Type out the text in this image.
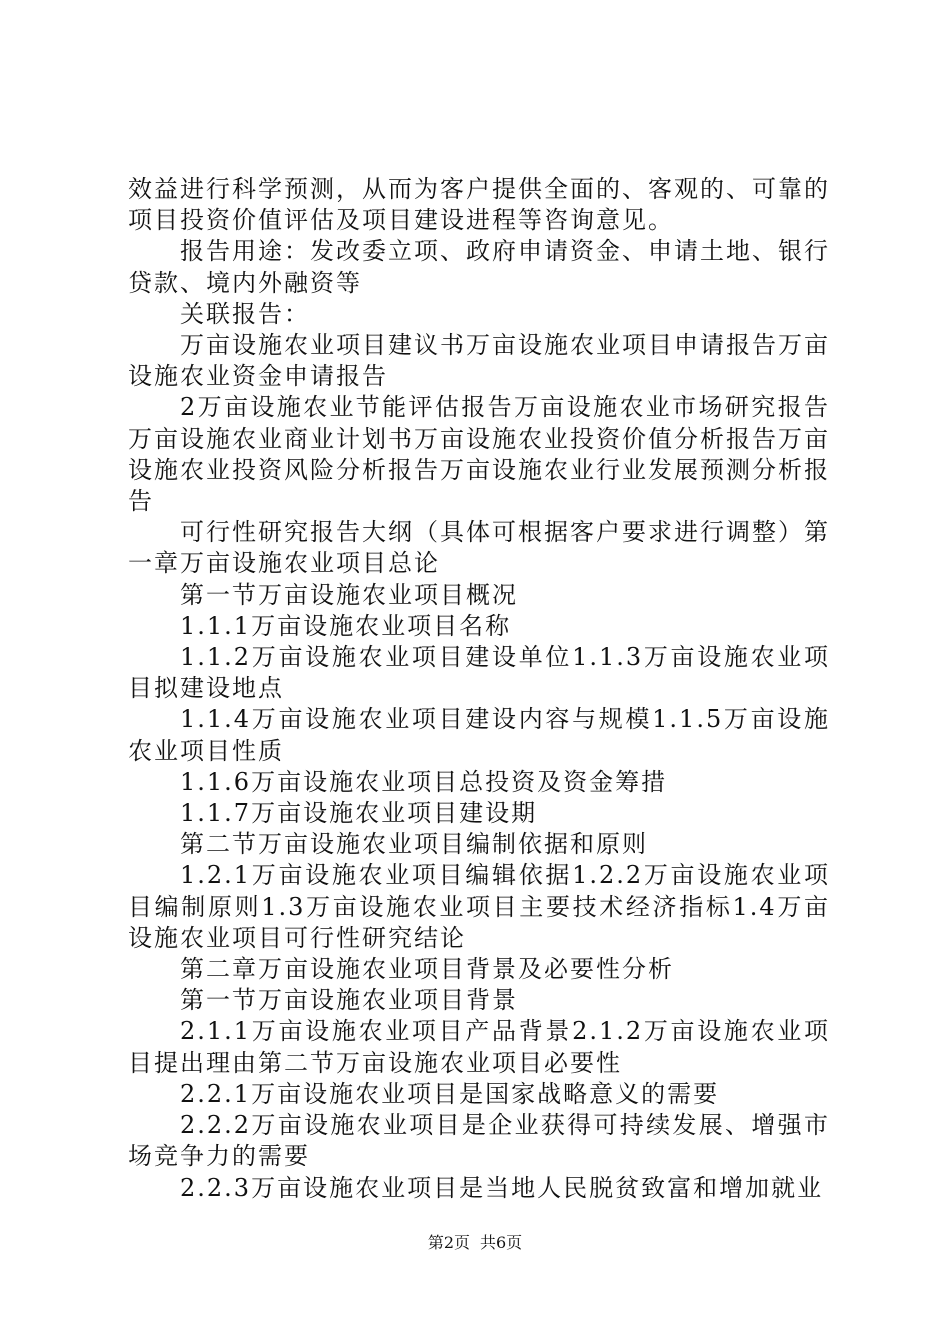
效益进行科学预测，从而为客户提供全面的、客观的、可靠的项目投资价值评估及项目建设进程等咨询意见。

报告用途：发改委立项、政府申请资金、申请土地、银行贷款、境内外融资等

关联报告：

万亩设施农业项目建议书万亩设施农业项目申请报告万亩设施农业资金申请报告

2万亩设施农业节能评估报告万亩设施农业市场研究报告万亩设施农业商业计划书万亩设施农业投资价值分析报告万亩设施农业投资风险分析报告万亩设施农业行业发展预测分析报告

可行性研究报告大纲（具体可根据客户要求进行调整）第一章万亩设施农业项目总论

第一节万亩设施农业项目概况

1.1.1万亩设施农业项目名称

1.1.2万亩设施农业项目建设单位1.1.3万亩设施农业项目拟建设地点

1.1.4万亩设施农业项目建设内容与规模1.1.5万亩设施农业项目性质

1.1.6万亩设施农业项目总投资及资金筹措

1.1.7万亩设施农业项目建设期

第二节万亩设施农业项目编制依据和原则

1.2.1万亩设施农业项目编辑依据1.2.2万亩设施农业项目编制原则1.3万亩设施农业项目主要技术经济指标1.4万亩设施农业项目可行性研究结论

第二章万亩设施农业项目背景及必要性分析

第一节万亩设施农业项目背景

2.1.1万亩设施农业项目产品背景2.1.2万亩设施农业项目提出理由第二节万亩设施农业项目必要性

2.2.1万亩设施农业项目是国家战略意义的需要

2.2.2万亩设施农业项目是企业获得可持续发展、增强市场竞争力的需要

2.2.3万亩设施农业项目是当地人民脱贫致富和增加就业

第2页 共6页
